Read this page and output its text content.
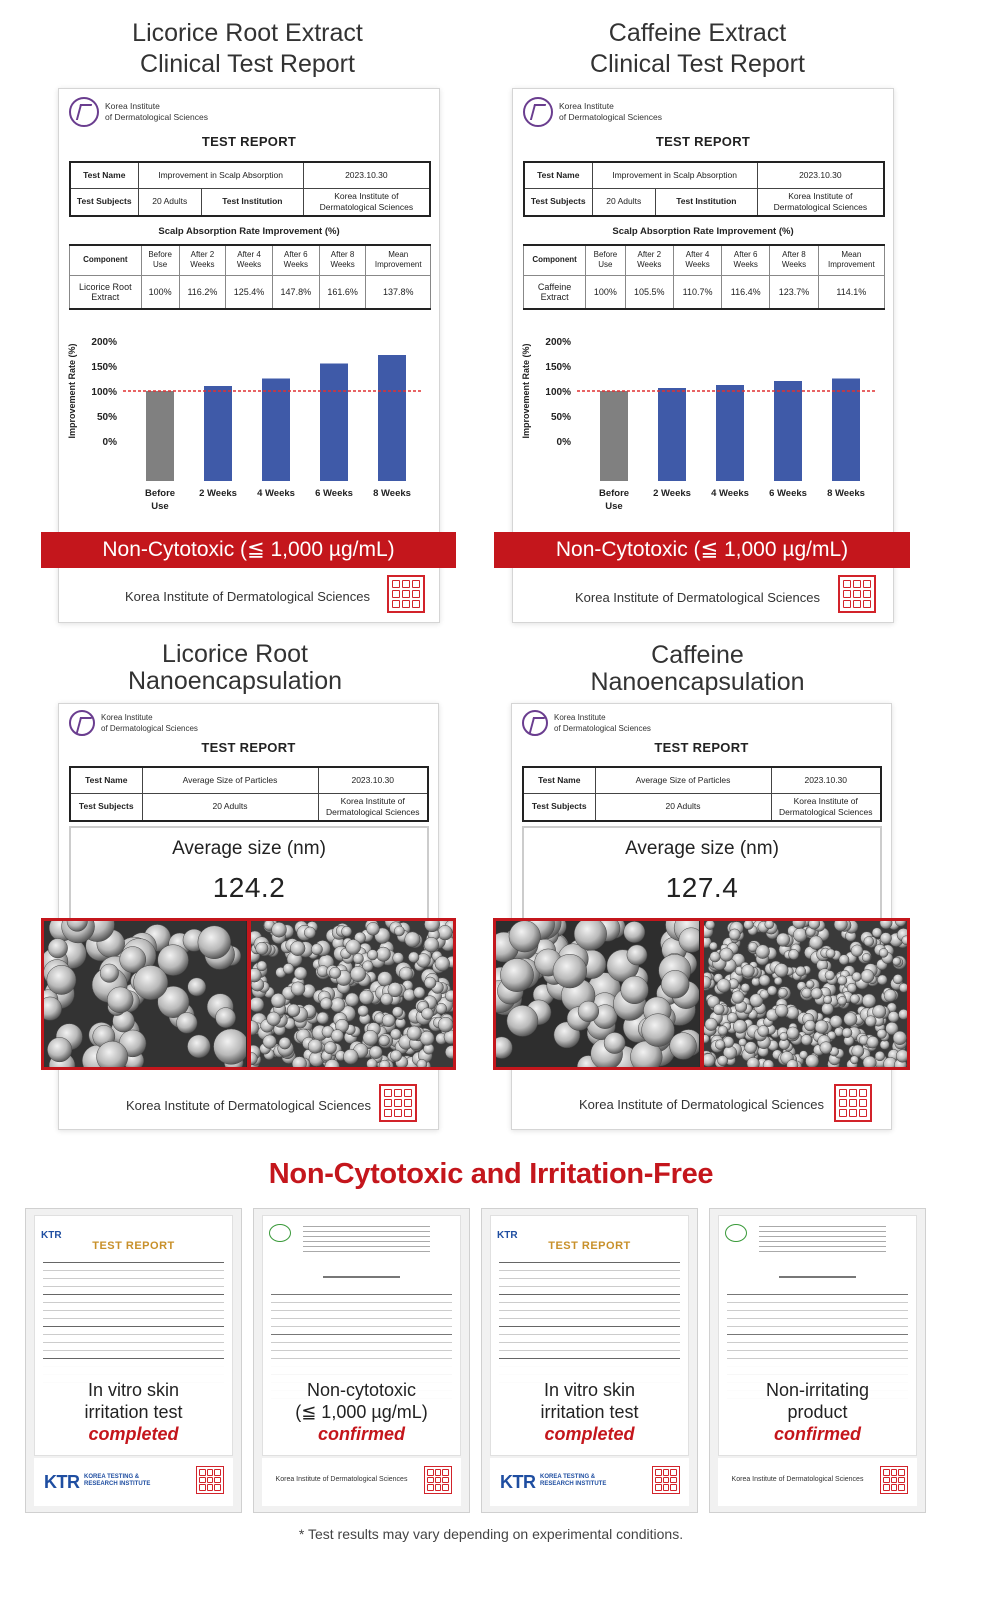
Licorice Root Extract
Clinical Test Report
Caffeine Extract
Clinical Test Report
Korea Institute
of Dermatological Sciences
TEST REPORT
Test Name	Improvement in Scalp Absorption		2023.10.30
Test Subjects	20 Adults	Test Institution	Korea Institute of
Dermatological Sciences
Scalp Absorption Rate Improvement (%)
Component	Before Use	After 2 Weeks	After 4 Weeks	After 6 Weeks	After 8 Weeks	Mean Improvement
Licorice Root Extract	100%	116.2%	125.4%	147.8%	161.6%	137.8%
Improvement Rate (%)
200%
150%
100%
50%
0%
Before Use
2 Weeks 4 Weeks 6 Weeks 8 Weeks
Korea Institute of Dermatological Sciences
Non-Cytotoxic (≦ 1,000 µg/mL)
Korea Institute
of Dermatological Sciences
TEST REPORT
Test Name	Improvement in Scalp Absorption		2023.10.30
Test Subjects	20 Adults	Test Institution	Korea Institute of
Dermatological Sciences
Scalp Absorption Rate Improvement (%)
Component	Before Use	After 2 Weeks	After 4 Weeks	After 6 Weeks	After 8 Weeks	Mean Improvement
Caffeine Extract	100%	105.5%	110.7%	116.4%	123.7%	114.1%
Improvement Rate (%)
200%
150%
100%
50%
0%
Before Use
2 Weeks 4 Weeks 6 Weeks 8 Weeks
Korea Institute of Dermatological Sciences
Non-Cytotoxic (≦ 1,000 µg/mL)
Licorice Root
Nanoencapsulation
Caffeine
Nanoencapsulation
Korea Institute
of Dermatological Sciences
TEST REPORT
Test Name	Average Size of Particles	2023.10.30
Test Subjects	20 Adults	Korea Institute of
Dermatological Sciences
Average size (nm)
124.2
Korea Institute of Dermatological Sciences
Korea Institute
of Dermatological Sciences
TEST REPORT
Test Name	Average Size of Particles	2023.10.30
Test Subjects	20 Adults	Korea Institute of
Dermatological Sciences
Average size (nm)
127.4
Korea Institute of Dermatological Sciences
Non-Cytotoxic and Irritation-Free
KTR
TEST REPORT
In vitro skin
irritation test
completed
KTR KOREA TESTING &
RESEARCH INSTITUTE
Non-cytotoxic
(≦ 1,000 µg/mL)
confirmed
Korea Institute of Dermatological Sciences
KTR
TEST REPORT
In vitro skin
irritation test
completed
KTR KOREA TESTING &
RESEARCH INSTITUTE
Non-irritating
product
confirmed
Korea Institute of Dermatological Sciences
* Test results may vary depending on experimental conditions.
